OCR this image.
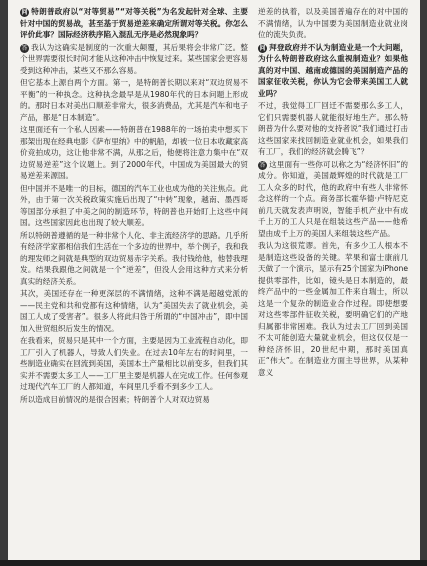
问 特朗普政府以“对等贸易”“对等关税”为名发起针对全球、主要针对中国的贸易战，甚至基于贸易逆差来确定所谓对等关税。你怎么评价此事？国际经济秩序陷入混乱无序是必然现象吗？

答 我认为这确实是制度的一次重大颠覆，其后果将会非常广泛。整个世界需要很长时间才能从这种冲击中恢复过来。某些国家会更容易受到这种冲击，某些又不那么容易。

但它基本上源自两个方面。第一，是特朗普长期以来对“双边贸易不平衡”的一种执念。这种执念最早是从1980年代的日本问题上形成的。那时日本对美出口顺差非常大，很多消费品，尤其是汽车和电子产品，都是“日本制造”。

这里面还有一个私人因素——特朗普在1988年的一场拍卖中想买下那架出现在经典电影《萨布里纳》中的帆船，却被一位日本收藏家高价竞拍成功，这让他非常不满，从那之后，他便将注意力集中在“双边贸易逆差”这个议题上。到了2000年代，中国成为美国最大的贸易逆差来源国。

但中国并不是唯一的目标，德国的汽车工业也成为他的关注焦点。此外，由于第一次关税政策实施后出现了“中转”现象，越南、墨西哥等国部分承担了中美之间的制造环节，特朗普也开始盯上这些中间国。这些国家因此也出现了较大顺差。

所以特朗普遵循的是一种非常个人化、非主流经济学的思路。几乎所有经济学家都相信我们生活在一个多边的世界中，举个例子，我和我的理发师之间就是典型的双边贸易赤字关系。我付钱给他，他替我理发。结果我跟他之间就是一个“逆差”，但没人会用这种方式来分析真实的经济关系。

其次，美国还存在一种更深层的不满情绪，这种不满是超越党派的——民主党和共和党都有这种情绪，认为“美国失去了就业机会，美国工人成了受害者”。很多人将此归咎于所谓的“中国冲击”，即中国加入世贸组织后发生的情况。

在我看来，贸易只是其中一个方面，主要是因为工业流程自动化，即工厂引入了机器人，导致人们失业。在过去10年左右的时间里，一些制造业确实在回流到美国，美国本土产量相比以前变多，但我们其实并不需要太多工人——工厂里主要是机器人在完成工作。任何参观过现代汽车工厂的人都知道，车间里几乎看不到多少工人。

所以造成目前情况的是很合因素；特朗普个人对双边贸易

逆差的执着，以及美国普遍存在的对中国的不满情绪，认为中国要为美国制造业就业岗位的流失负责。

问 拜登政府并不认为制造业是一个大问题，为什么特朗普政府这么重视制造业？如果他真的对中国、越南或德国的美国制造产品的国家征收关税，你认为它会带来美国工人就业吗？

不过，我觉得工厂回迁不需要那么多工人，它们只需要机器人就能很好地生产。那么特朗普为什么要对他的支持者说“我们通过打击这些国家来找回制造业就业机会，如果我们有工厂，我们的经济就会腾飞”？

答 这里面有一些你可以称之为“经济怀旧”的成分。你知道，美国最辉煌的时代就是工厂工人众多的时代，他的政府中有些人非常怀念这样的一个点。商务部长霍华德·卢特尼克前几天就发表声明说，智能手机产业中有成千上万的工人只是在组装这些产品——他希望由成千上万的美国人来组装这些产品。

我认为这很荒谬。首先，有多少工人根本不是制造这些设备的关键。苹果和富士康前几天做了一个演示，显示有25个国家为iPhone提供零部件，比如，镜头是日本制造的，最终产品中的一些金属加工件来自瑞士，所以这是一个复杂的制造业合作过程。即使想要对这些零部件征收关税，要明确它们的产地归属都非常困难。我认为过去工厂回到美国不太可能创造大量就业机会，但这仅仅是一种经济怀旧，20世纪中期，那时美国真正“伟大”。在制造业方面主导世界，从某种意义
